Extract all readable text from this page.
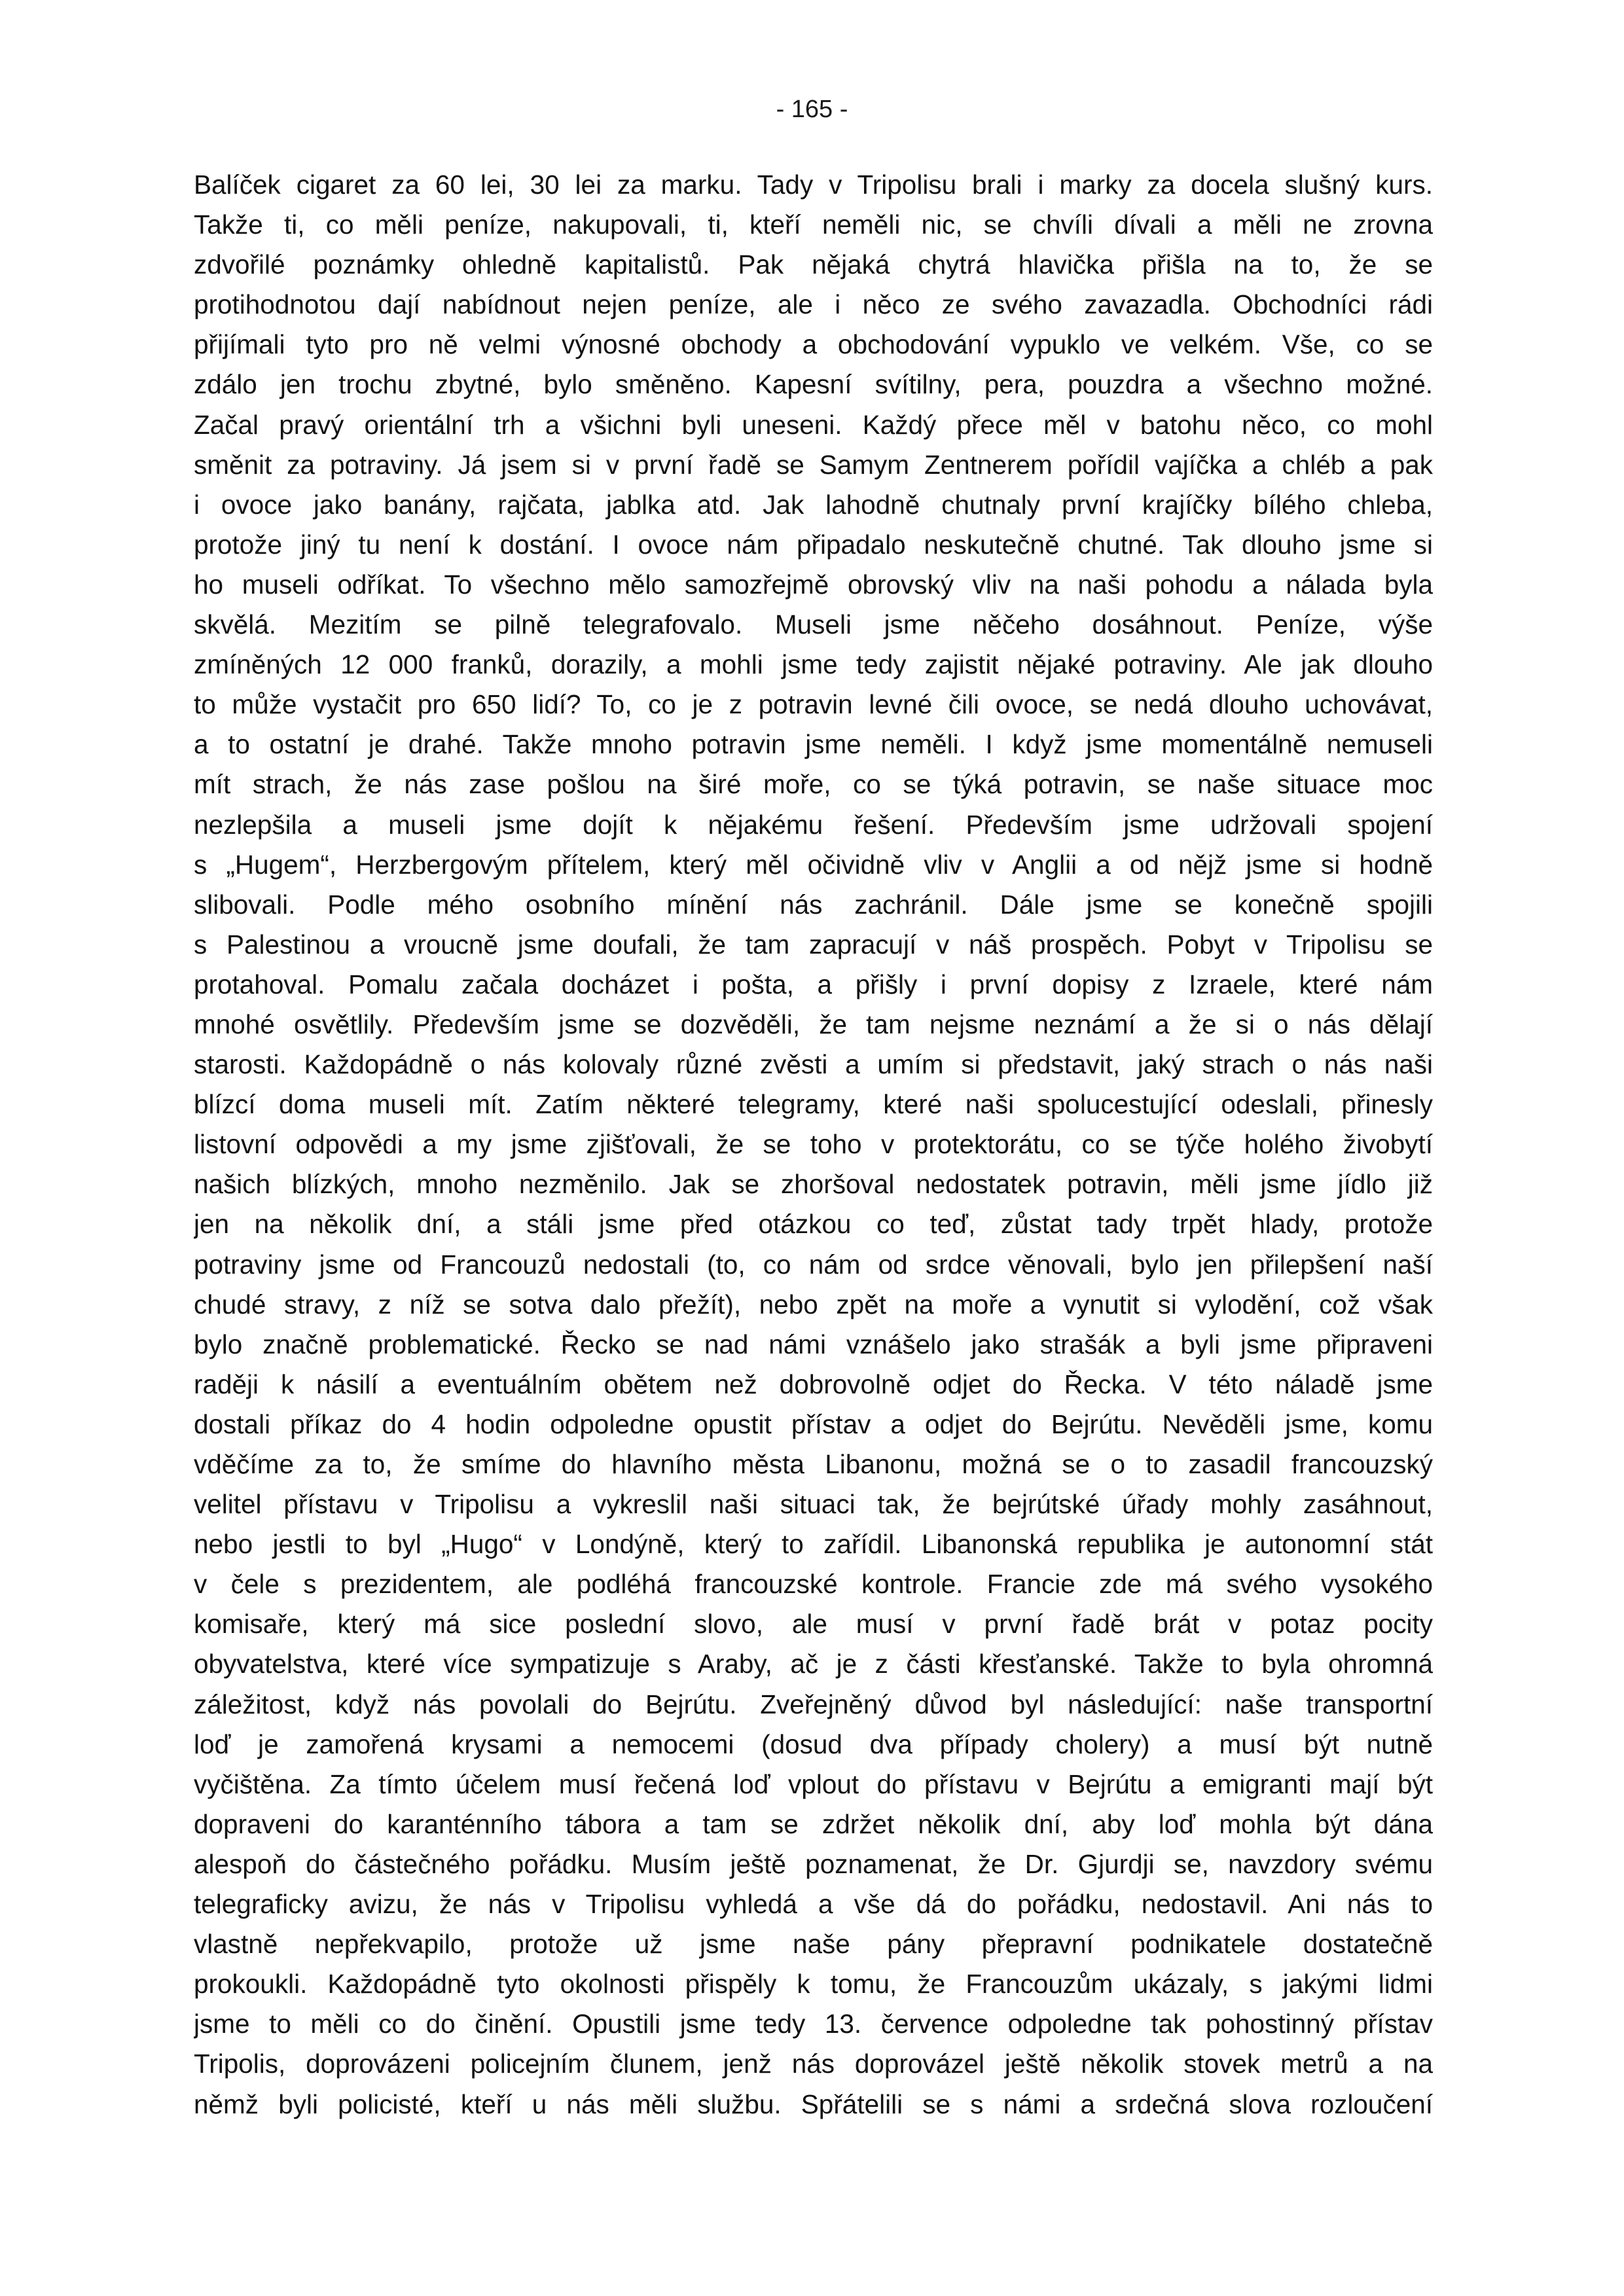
- 165 -
Balíček cigaret za 60 lei, 30 lei za marku. Tady v Tripolisu brali i marky za docela slušný kurs.
Takže ti, co měli peníze, nakupovali, ti, kteří neměli nic, se chvíli dívali a měli ne zrovna
zdvořilé poznámky ohledně kapitalistů. Pak nějaká chytrá hlavička přišla na to, že se
protihodnotou dají nabídnout nejen peníze, ale i něco ze svého zavazadla. Obchodníci rádi
přijímali tyto pro ně velmi výnosné obchody a obchodování vypuklo ve velkém. Vše, co se
zdálo jen trochu zbytné, bylo směněno. Kapesní svítilny, pera, pouzdra a všechno možné.
Začal pravý orientální trh a všichni byli uneseni. Každý přece měl v batohu něco, co mohl
směnit za potraviny. Já jsem si v první řadě se Samym Zentnerem pořídil vajíčka a chléb a pak
i ovoce jako banány, rajčata, jablka atd. Jak lahodně chutnaly první krajíčky bílého chleba,
protože jiný tu není k dostání. I ovoce nám připadalo neskutečně chutné. Tak dlouho jsme si
ho museli odříkat. To všechno mělo samozřejmě obrovský vliv na naši pohodu a nálada byla
skvělá. Mezitím se pilně telegrafovalo. Museli jsme něčeho dosáhnout. Peníze, výše
zmíněných 12 000 franků, dorazily, a mohli jsme tedy zajistit nějaké potraviny. Ale jak dlouho
to může vystačit pro 650 lidí? To, co je z potravin levné čili ovoce, se nedá dlouho uchovávat,
a to ostatní je drahé. Takže mnoho potravin jsme neměli. I když jsme momentálně nemuseli
mít strach, že nás zase pošlou na širé moře, co se týká potravin, se naše situace moc
nezlepšila a museli jsme dojít k nějakému řešení. Především jsme udržovali spojení
s „Hugem“, Herzbergovým přítelem, který měl očividně vliv v Anglii a od nějž jsme si hodně
slibovali. Podle mého osobního mínění nás zachránil. Dále jsme se konečně spojili
s Palestinou a vroucně jsme doufali, že tam zapracují v náš prospěch. Pobyt v Tripolisu se
protahoval. Pomalu začala docházet i pošta, a přišly i první dopisy z Izraele, které nám
mnohé osvětlily. Především jsme se dozvěděli, že tam nejsme neznámí a že si o nás dělají
starosti. Každopádně o nás kolovaly různé zvěsti a umím si představit, jaký strach o nás naši
blízcí doma museli mít. Zatím některé telegramy, které naši spolucestující odeslali, přinesly
listovní odpovědi a my jsme zjišťovali, že se toho v protektorátu, co se týče holého živobytí
našich blízkých, mnoho nezměnilo. Jak se zhoršoval nedostatek potravin, měli jsme jídlo již
jen na několik dní, a stáli jsme před otázkou co teď, zůstat tady trpět hlady, protože
potraviny jsme od Francouzů nedostali (to, co nám od srdce věnovali, bylo jen přilepšení naší
chudé stravy, z níž se sotva dalo přežít), nebo zpět na moře a vynutit si vylodění, což však
bylo značně problematické. Řecko se nad námi vznášelo jako strašák a byli jsme připraveni
raději k násilí a eventuálním obětem než dobrovolně odjet do Řecka. V této náladě jsme
dostali příkaz do 4 hodin odpoledne opustit přístav a odjet do Bejrútu. Nevěděli jsme, komu
vděčíme za to, že smíme do hlavního města Libanonu, možná se o to zasadil francouzský
velitel přístavu v Tripolisu a vykreslil naši situaci tak, že bejrútské úřady mohly zasáhnout,
nebo jestli to byl „Hugo“ v Londýně, který to zařídil. Libanonská republika je autonomní stát
v čele s prezidentem, ale podléhá francouzské kontrole. Francie zde má svého vysokého
komisaře, který má sice poslední slovo, ale musí v první řadě brát v potaz pocity
obyvatelstva, které více sympatizuje s Araby, ač je z části křesťanské. Takže to byla ohromná
záležitost, když nás povolali do Bejrútu. Zveřejněný důvod byl následující: naše transportní
loď je zamořená krysami a nemocemi (dosud dva případy cholery) a musí být nutně
vyčištěna. Za tímto účelem musí řečená loď vplout do přístavu v Bejrútu a emigranti mají být
dopraveni do karanténního tábora a tam se zdržet několik dní, aby loď mohla být dána
alespoň do částečného pořádku. Musím ještě poznamenat, že Dr. Gjurdji se, navzdory svému
telegraficky avizu, že nás v Tripolisu vyhledá a vše dá do pořádku, nedostavil. Ani nás to
vlastně nepřekvapilo, protože už jsme naše pány přepravní podnikatele dostatečně
prokoukli. Každopádně tyto okolnosti přispěly k tomu, že Francouzům ukázaly, s jakými lidmi
jsme to měli co do činění. Opustili jsme tedy 13. července odpoledne tak pohostinný přístav
Tripolis, doprovázeni policejním člunem, jenž nás doprovázel ještě několik stovek metrů a na
němž byli policisté, kteří u nás měli službu. Spřátelili se s námi a srdečná slova rozloučení
